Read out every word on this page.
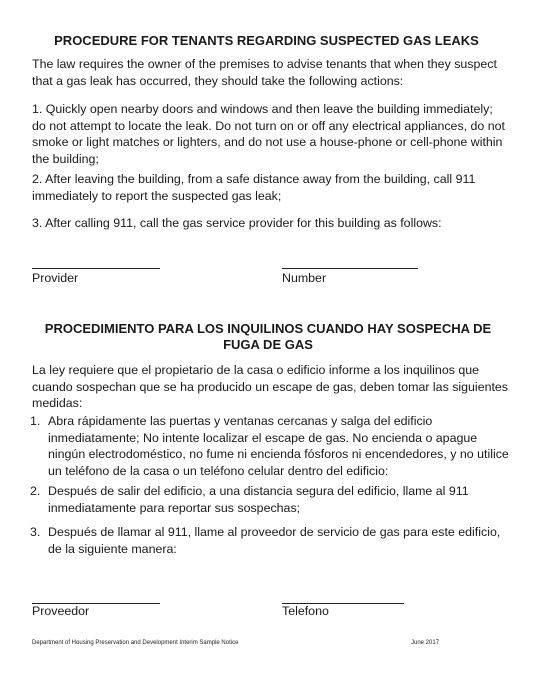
PROCEDURE FOR TENANTS REGARDING SUSPECTED GAS LEAKS
The law requires the owner of the premises to advise tenants that when they suspect that a gas leak has occurred, they should take the following actions:
1. Quickly open nearby doors and windows and then leave the building immediately; do not attempt to locate the leak. Do not turn on or off any electrical appliances, do not smoke or light matches or lighters, and do not use a house-phone or cell-phone within the building;
2. After leaving the building, from a safe distance away from the building, call 911 immediately to report the suspected gas leak;
3. After calling 911, call the gas service provider for this building as follows:
Provider	Number
PROCEDIMIENTO PARA LOS INQUILINOS CUANDO HAY SOSPECHA DE FUGA DE GAS
La ley requiere que el propietario de la casa o edificio informe a los inquilinos que cuando sospechan que se ha producido un escape de gas, deben tomar las siguientes medidas:
1. Abra rápidamente las puertas y ventanas cercanas y salga del edificio inmediatamente; No intente localizar el escape de gas. No encienda o apague ningún electrodoméstico, no fume ni encienda fósforos ni encendedores, y no utilice un teléfono de la casa o un teléfono celular dentro del edificio:
2. Después de salir del edificio, a una distancia segura del edificio, llame al 911 inmediatamente para reportar sus sospechas;
3. Después de llamar al 911, llame al proveedor de servicio de gas para este edificio, de la siguiente manera:
Proveedor	Telefono
Department of Housing Preservation and Development Interim Sample Notice	June 2017
